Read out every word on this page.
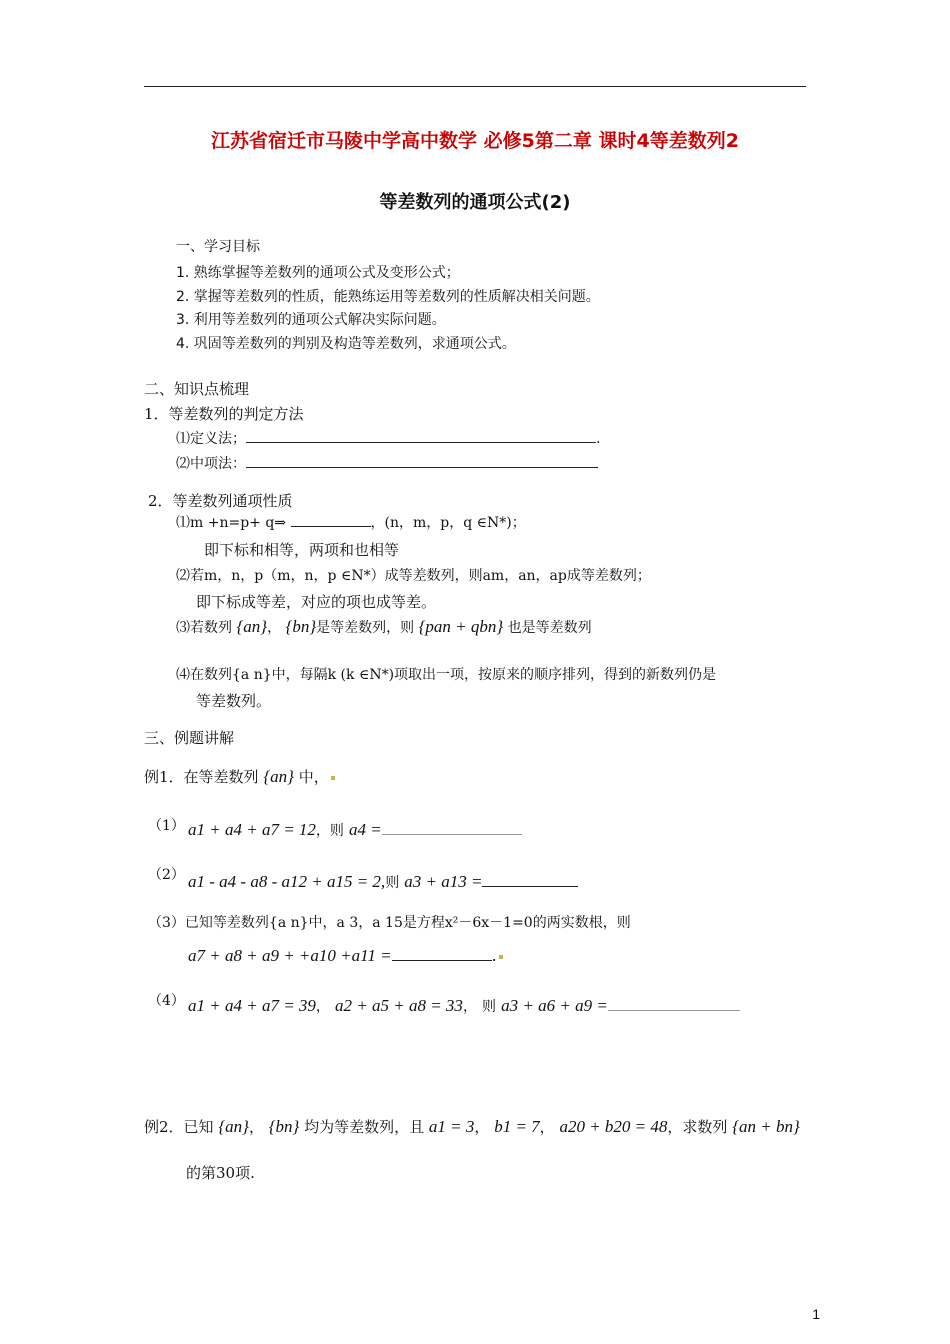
江苏省宿迁市马陵中学高中数学 必修5第二章 课时4等差数列2
等差数列的通项公式(2)
一、学习目标
1. 熟练掌握等差数列的通项公式及变形公式；
2. 掌握等差数列的性质，能熟练运用等差数列的性质解决相关问题。
3. 利用等差数列的通项公式解决实际问题。
4. 巩固等差数列的判别及构造等差数列，求通项公式。
二、知识点梳理
1．等差数列的判定方法
⑴定义法；	.
⑵中项法：
2．等差数列通项性质
⑴m +n=p+ q⇒	，(n，m，p，q ∈N*)；
即下标和相等，两项和也相等
⑵若m，n，p（m，n，p ∈N*）成等差数列，则am，an，ap成等差数列；
即下标成等差，对应的项也成等差。
⑶若数列 {an}， {bn}是等差数列，则 {pan + qbn} 也是等差数列
⑷在数列{a n}中，每隔k (k ∈N*)项取出一项，按原来的顺序排列，得到的新数列仍是
等差数列。
三、例题讲解
例1．在等差数列 {an} 中，
（1） a1 + a4 + a7 = 12，则 a4 =
（2） a1 - a4 - a8 - a12 + a15 = 2,则 a3 + a13 =
（3）已知等差数列{a n}中，a 3，a 15是方程x²－6x－1=0的两实数根，则
a7 + a8 + a9 + +a10 +a11 =	.
（4） a1 + a4 + a7 = 39， a2 + a5 + a8 = 33， 则 a3 + a6 + a9 =
例2．已知 {an}， {bn} 均为等差数列，且 a1 = 3， b1 = 7， a20 + b20 = 48，求数列 {an + bn}
的第30项.
1
